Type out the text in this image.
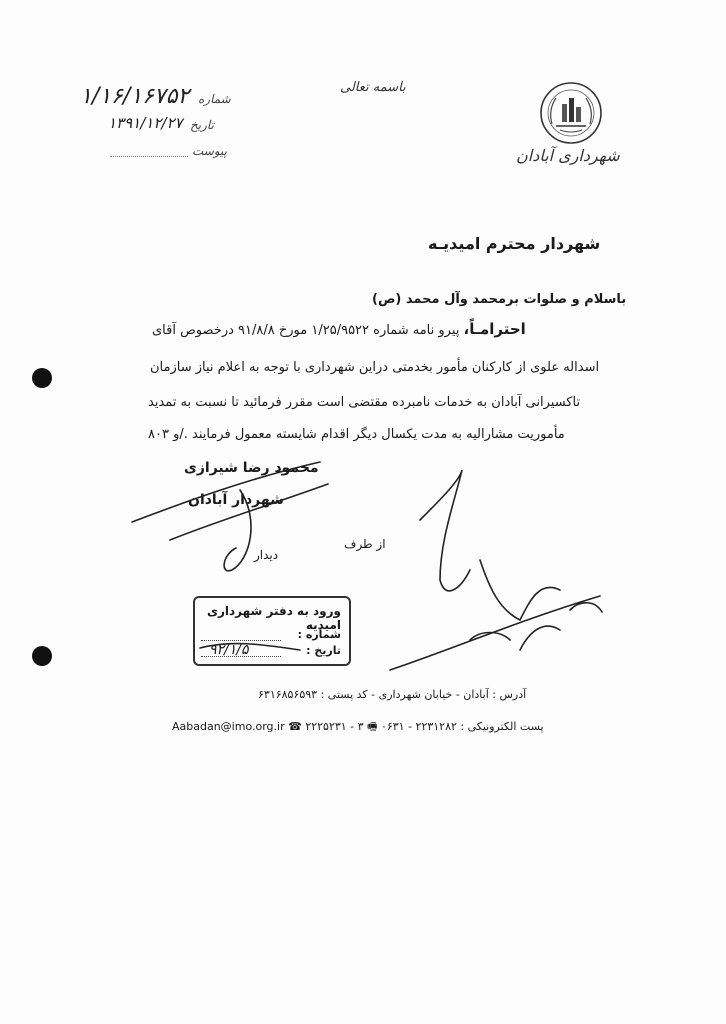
شهرداری آبادان
باسمه تعالی
۱/۱۶/۱۶۷۵۲ شماره
۱۳۹۱/۱۲/۲۷ تاریخ
پیوست
شهردار محترم امیدیـه
باسلام و صلوات برمحمد وآل محمد (ص)
احترامـاً، پیرو نامه شماره ۱/۲۵/۹۵۲۲ مورخ ۹۱/۸/۸ درخصوص آقای
اسداله علوی از کارکنان مأمور بخدمتی دراین شهرداری با توجه به اعلام نیاز سازمان
تاکسیرانی آبادان به خدمات نامبرده مقتضی است مقرر فرمائید تا نسبت به تمدید
مأموریت مشارالیه به مدت یکسال دیگر اقدام شایسته معمول فرمایند ./و ۸۰۳
محمود رضا شیرازی
شهردار آبادان
از طرف
دیدار
ورود به دفتر شهرداری امیدیه
شماره :
تاریخ :
۹۲/۱/۵
آدرس : آبادان - خیابان شهرداری - کد پستی : ۶۳۱۶۸۵۶۵۹۳
پست الکترونیکی : Aabadan@imo.org.ir ☎ ۲۲۲۵۲۳۱ - ۳ 🖷 ۰۶۳۱ - ۲۲۳۱۲۸۲
